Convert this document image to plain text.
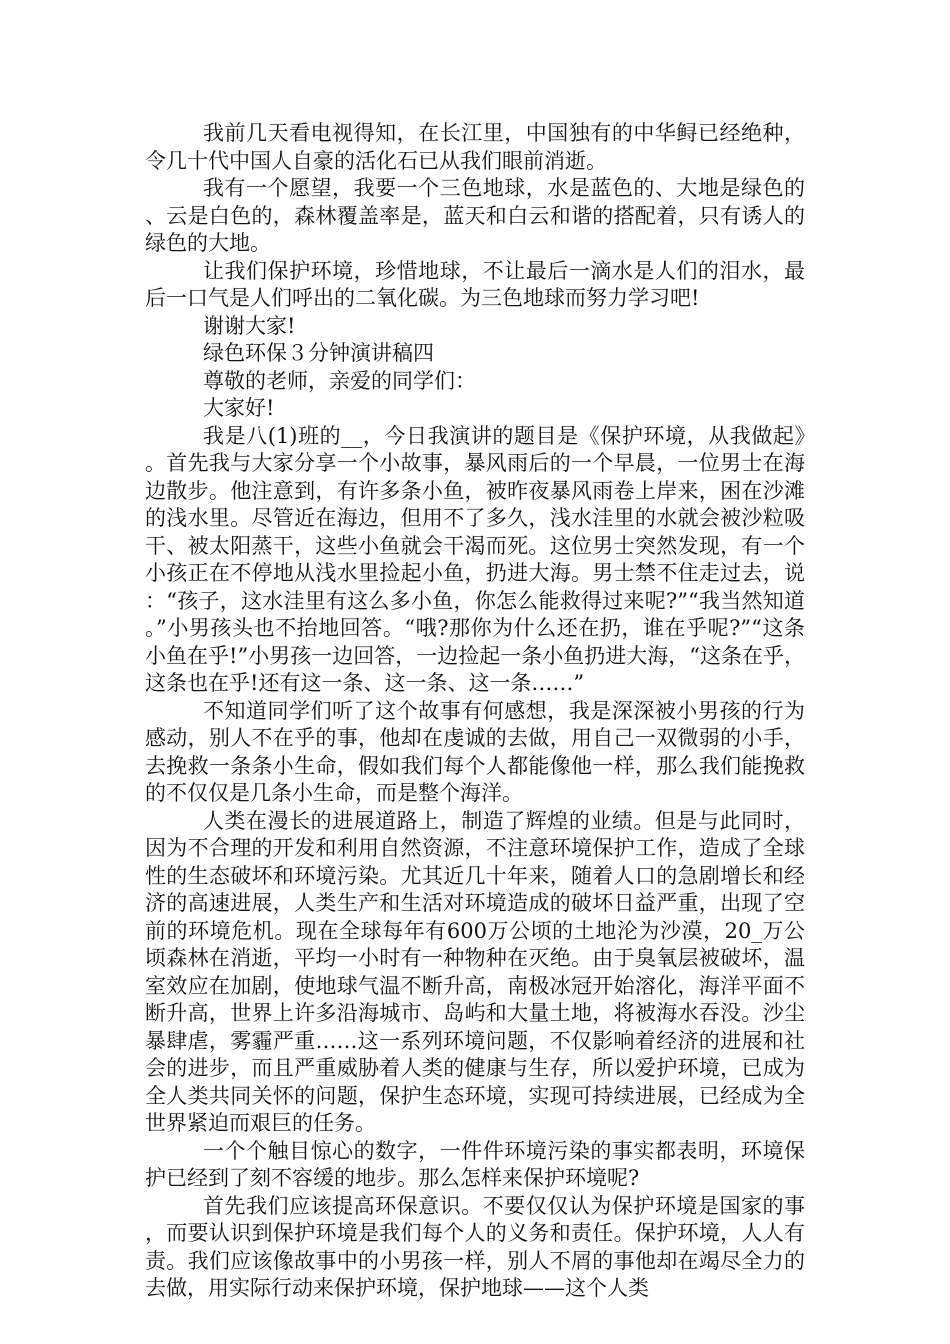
我前几天看电视得知，在长江里，中国独有的中华鲟已经绝种，令几十代中国人自豪的活化石已从我们眼前消逝。

我有一个愿望，我要一个三色地球，水是蓝色的、大地是绿色的、云是白色的，森林覆盖率是，蓝天和白云和谐的搭配着，只有诱人的绿色的大地。

让我们保护环境，珍惜地球，不让最后一滴水是人们的泪水，最后一口气是人们呼出的二氧化碳。为三色地球而努力学习吧!

谢谢大家!

绿色环保３分钟演讲稿四

尊敬的老师，亲爱的同学们：

大家好!

我是八(1)班的__，今日我演讲的题目是《保护环境，从我做起》。首先我与大家分享一个小故事，暴风雨后的一个早晨，一位男士在海边散步。他注意到，有许多条小鱼，被昨夜暴风雨卷上岸来，困在沙滩的浅水里。尽管近在海边，但用不了多久，浅水洼里的水就会被沙粒吸干、被太阳蒸干，这些小鱼就会干渴而死。这位男士突然发现，有一个小孩正在不停地从浅水里捡起小鱼，扔进大海。男士禁不住走过去，说：“孩子，这水洼里有这么多小鱼，你怎么能救得过来呢?”“我当然知道。”小男孩头也不抬地回答。“哦?那你为什么还在扔，谁在乎呢?”“这条小鱼在乎!”小男孩一边回答，一边捡起一条小鱼扔进大海，“这条在乎，这条也在乎!还有这一条、这一条、这一条……”

不知道同学们听了这个故事有何感想，我是深深被小男孩的行为感动，别人不在乎的事，他却在虔诚的去做，用自己一双微弱的小手，去挽救一条条小生命，假如我们每个人都能像他一样，那么我们能挽救的不仅仅是几条小生命，而是整个海洋。

人类在漫长的进展道路上，制造了辉煌的业绩。但是与此同时，因为不合理的开发和利用自然资源，不注意环境保护工作，造成了全球性的生态破坏和环境污染。尤其近几十年来，随着人口的急剧增长和经济的高速进展，人类生产和生活对环境造成的破坏日益严重，出现了空前的环境危机。现在全球每年有600万公顷的土地沦为沙漠，20_万公顷森林在消逝，平均一小时有一种物种在灭绝。由于臭氧层被破坏，温室效应在加剧，使地球气温不断升高，南极冰冠开始溶化，海洋平面不断升高，世界上许多沿海城市、岛屿和大量土地，将被海水吞没。沙尘暴肆虐，雾霾严重……这一系列环境问题，不仅影响着经济的进展和社会的进步，而且严重威胁着人类的健康与生存，所以爱护环境，已成为全人类共同关怀的问题，保护生态环境，实现可持续进展，已经成为全世界紧迫而艰巨的任务。

一个个触目惊心的数字，一件件环境污染的事实都表明，环境保护已经到了刻不容缓的地步。那么怎样来保护环境呢?

首先我们应该提高环保意识。不要仅仅认为保护环境是国家的事，而要认识到保护环境是我们每个人的义务和责任。保护环境，人人有责。我们应该像故事中的小男孩一样，别人不屑的事他却在竭尽全力的去做，用实际行动来保护环境，保护地球——这个人类
